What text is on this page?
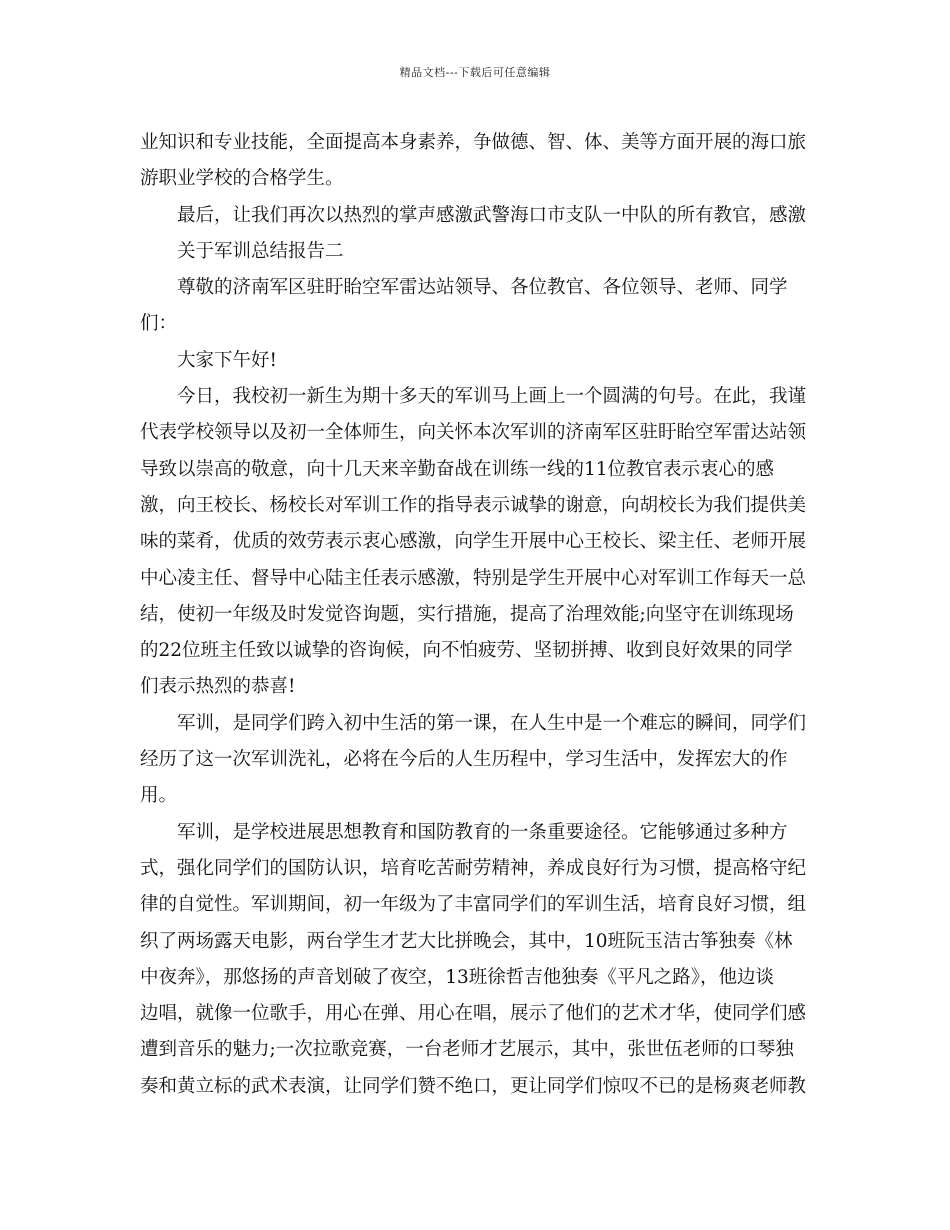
精品文档---下载后可任意编辑
业知识和专业技能，全面提高本身素养，争做德、智、体、美等方面开展的海口旅
游职业学校的合格学生。
最后，让我们再次以热烈的掌声感激武警海口市支队一中队的所有教官，感激
关于军训总结报告二
尊敬的济南军区驻盱眙空军雷达站领导、各位教官、各位领导、老师、同学
们：
大家下午好!
今日，我校初一新生为期十多天的军训马上画上一个圆满的句号。在此，我谨
代表学校领导以及初一全体师生，向关怀本次军训的济南军区驻盱眙空军雷达站领
导致以崇高的敬意，向十几天来辛勤奋战在训练一线的11位教官表示衷心的感
激，向王校长、杨校长对军训工作的指导表示诚挚的谢意，向胡校长为我们提供美
味的菜肴，优质的效劳表示衷心感激，向学生开展中心王校长、梁主任、老师开展
中心凌主任、督导中心陆主任表示感激，特别是学生开展中心对军训工作每天一总
结，使初一年级及时发觉咨询题，实行措施，提高了治理效能;向坚守在训练现场
的22位班主任致以诚挚的咨询候，向不怕疲劳、坚韧拼搏、收到良好效果的同学
们表示热烈的恭喜!
军训，是同学们跨入初中生活的第一课，在人生中是一个难忘的瞬间，同学们
经历了这一次军训洗礼，必将在今后的人生历程中，学习生活中，发挥宏大的作
用。
军训，是学校进展思想教育和国防教育的一条重要途径。它能够通过多种方
式，强化同学们的国防认识，培育吃苦耐劳精神，养成良好行为习惯，提高格守纪
律的自觉性。军训期间，初一年级为了丰富同学们的军训生活，培育良好习惯，组
织了两场露天电影，两台学生才艺大比拼晚会，其中，10班阮玉洁古筝独奏《林
中夜奔》，那悠扬的声音划破了夜空，13班徐哲吉他独奏《平凡之路》，他边谈
边唱，就像一位歌手，用心在弹、用心在唱，展示了他们的艺术才华，使同学们感
遭到音乐的魅力;一次拉歌竞赛，一台老师才艺展示，其中，张世伍老师的口琴独
奏和黄立标的武术表演，让同学们赞不绝口，更让同学们惊叹不已的是杨爽老师教
